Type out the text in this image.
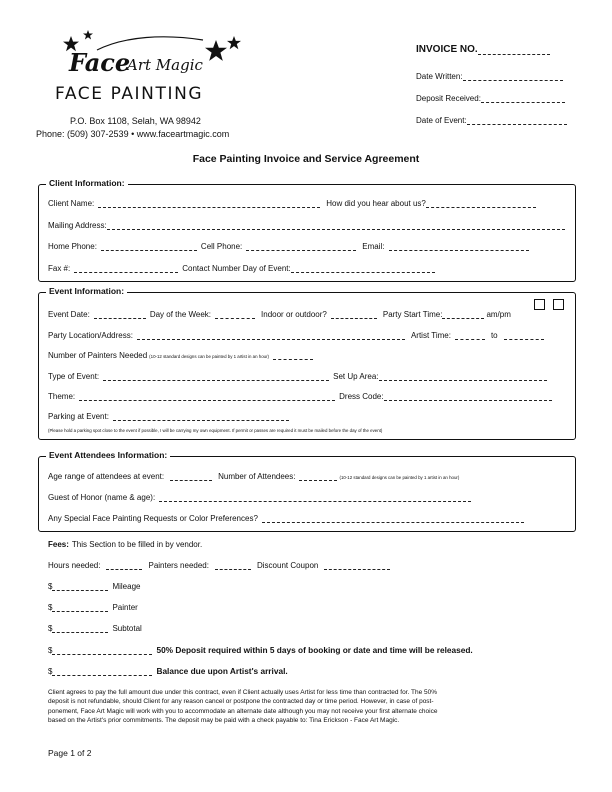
Face
Art Magic
FACE PAINTING
P.O. Box 1108, Selah, WA 98942
Phone: (509) 307-2539 • www.faceartmagic.com
INVOICE NO.
Date Written:
Deposit Received:
Date of Event:
Face Painting Invoice and Service Agreement
Client Information:
Client Name:	How did you hear about us?
Mailing Address:
Home Phone:	Cell Phone:	Email:
Fax #:	Contact Number Day of Event:
Event Information:
Event Date:	Day of the Week:	Indoor or outdoor?	Party Start Time:	am/pm
Party Location/Address:	Artist Time:	to
Number of Painters Needed (10-12 standard designs can be painted by 1 artist in an hour)
Type of Event:	Set Up Area:
Theme:	Dress Code:
Parking at Event:
(Please hold a parking spot close to the event if possible, I will be carrying my own equipment. If permit or passes are required it must be mailed before the day of the event)
Event Attendees Information:
Age range of attendees at event:	Number of Attendees:	(10-12 standard designs can be painted by 1 artist in an hour)
Guest of Honor (name & age):
Any Special Face Painting Requests or Color Preferences?
Fees: This Section to be filled in by vendor.
Hours needed:	Painters needed:	Discount Coupon
$	Mileage
$	Painter
$	Subtotal
$	50% Deposit required within 5 days of booking or date and time will be released.
$	Balance due upon Artist's arrival.
Client agrees to pay the full amount due under this contract, even if Client actually uses Artist for less time than contracted for. The 50%
deposit is not refundable, should Client for any reason cancel or postpone the contracted day or time period. However, in case of post-
ponement, Face Art Magic will work with you to accommodate an alternate date although you may not receive your first alternate choice
based on the Artist's prior commitments. The deposit may be paid with a check payable to: Tina Erickson - Face Art Magic.
Page 1 of 2
